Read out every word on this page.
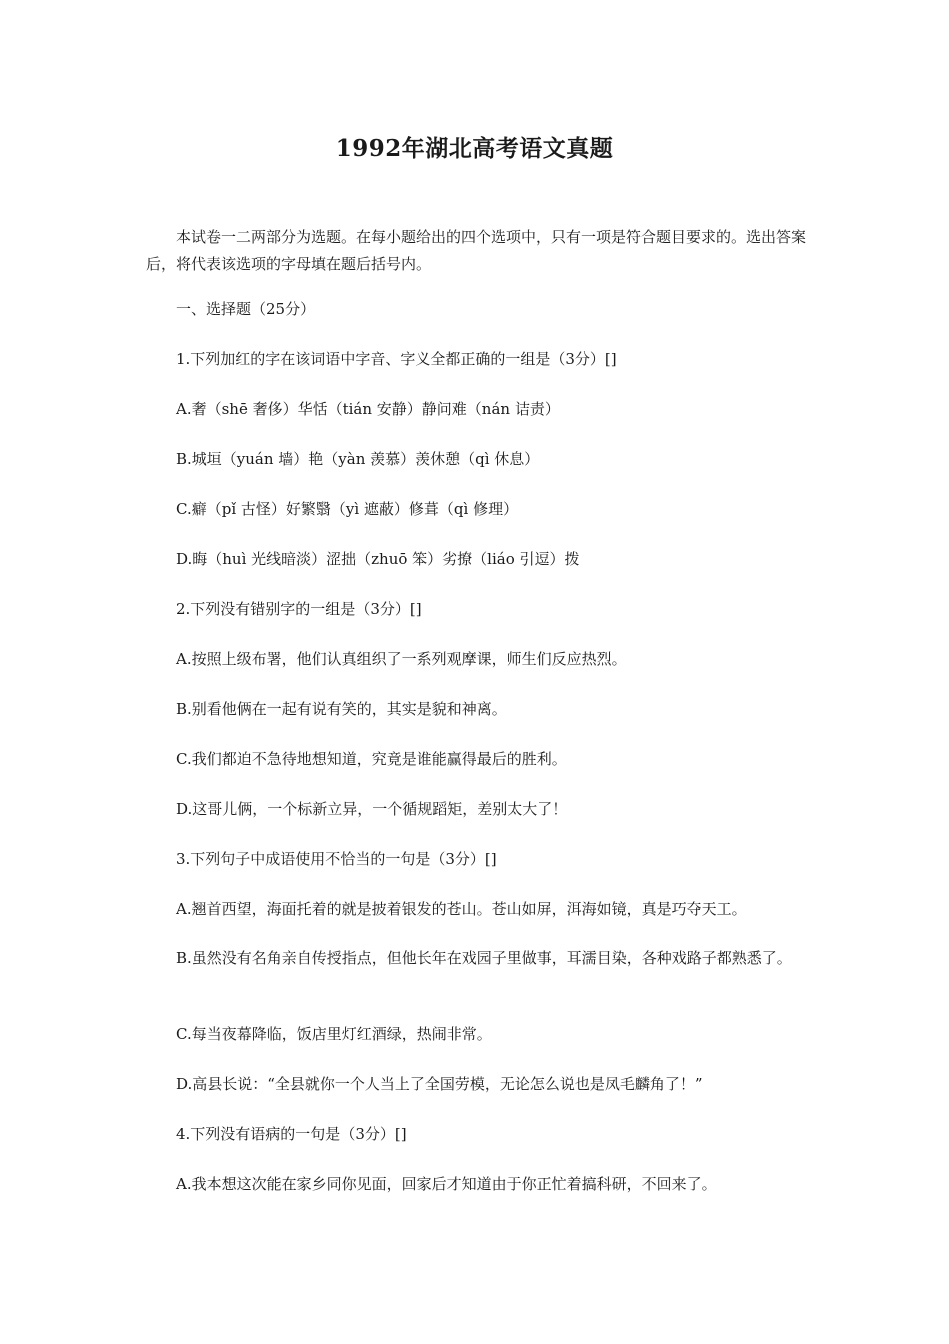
1992年湖北高考语文真题
本试卷一二两部分为选题。在每小题给出的四个选项中，只有一项是符合题目要求的。选出答案后，将代表该选项的字母填在题后括号内。
一、选择题（25分）
1.下列加红的字在该词语中字音、字义全都正确的一组是（3分）[]
A.奢（shē 奢侈）华恬（tián 安静）静问难（nán 诘责）
B.城垣（yuán 墙）艳（yàn 羡慕）羡休憩（qì 休息）
C.癖（pǐ 古怪）好繁翳（yì 遮蔽）修葺（qì 修理）
D.晦（huì 光线暗淡）涩拙（zhuō 笨）劣撩（liáo 引逗）拨
2.下列没有错别字的一组是（3分）[]
A.按照上级布署，他们认真组织了一系列观摩课，师生们反应热烈。
B.别看他俩在一起有说有笑的，其实是貌和神离。
C.我们都迫不急待地想知道，究竟是谁能赢得最后的胜利。
D.这哥儿俩，一个标新立异，一个循规蹈矩，差别太大了！
3.下列句子中成语使用不恰当的一句是（3分）[]
A.翘首西望，海面托着的就是披着银发的苍山。苍山如屏，洱海如镜，真是巧夺天工。
B.虽然没有名角亲自传授指点，但他长年在戏园子里做事，耳濡目染，各种戏路子都熟悉了。
C.每当夜幕降临，饭店里灯红酒绿，热闹非常。
D.高县长说：“全县就你一个人当上了全国劳模，无论怎么说也是凤毛麟角了！”
4.下列没有语病的一句是（3分）[]
A.我本想这次能在家乡同你见面，回家后才知道由于你正忙着搞科研，不回来了。
